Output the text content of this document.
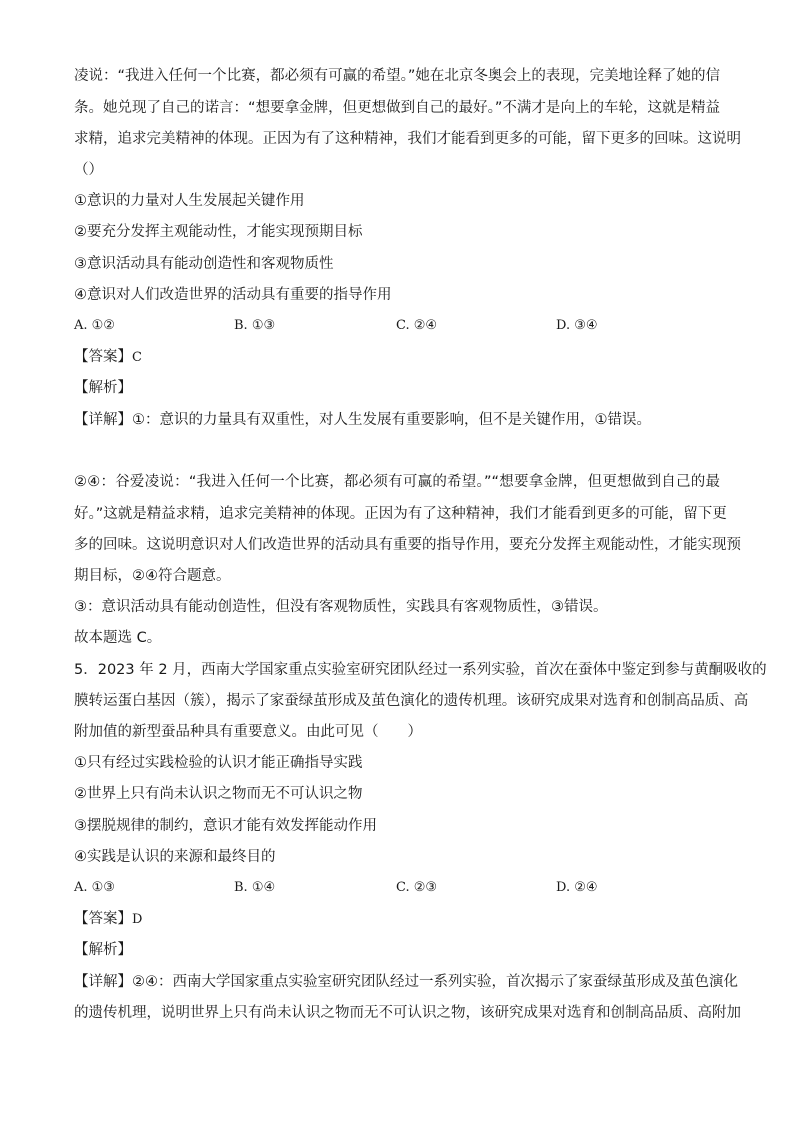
凌说：“我进入任何一个比赛，都必须有可赢的希望。”她在北京冬奥会上的表现，完美地诠释了她的信
条。她兑现了自己的诺言：“想要拿金牌，但更想做到自己的最好。”不满才是向上的车轮，这就是精益
求精，追求完美精神的体现。正因为有了这种精神，我们才能看到更多的可能，留下更多的回味。这说明
（）
①意识的力量对人生发展起关键作用
②要充分发挥主观能动性，才能实现预期目标
③意识活动具有能动创造性和客观物质性
④意识对人们改造世界的活动具有重要的指导作用
A. ①②	B. ①③	C. ②④	D. ③④
【答案】C
【解析】
【详解】①：意识的力量具有双重性，对人生发展有重要影响，但不是关键作用，①错误。
②④：谷爱凌说：“我进入任何一个比赛，都必须有可赢的希望。”“想要拿金牌，但更想做到自己的最
好。”这就是精益求精，追求完美精神的体现。正因为有了这种精神，我们才能看到更多的可能，留下更
多的回味。这说明意识对人们改造世界的活动具有重要的指导作用，要充分发挥主观能动性，才能实现预
期目标，②④符合题意。
③：意识活动具有能动创造性，但没有客观物质性，实践具有客观物质性，③错误。
故本题选 C。
5．2023 年 2 月，西南大学国家重点实验室研究团队经过一系列实验，首次在蚕体中鉴定到参与黄酮吸收的
膜转运蛋白基因（簇），揭示了家蚕绿茧形成及茧色演化的遗传机理。该研究成果对选育和创制高品质、高
附加值的新型蚕品种具有重要意义。由此可见（　　）
①只有经过实践检验的认识才能正确指导实践
②世界上只有尚未认识之物而无不可认识之物
③摆脱规律的制约，意识才能有效发挥能动作用
④实践是认识的来源和最终目的
A. ①③	B. ①④	C. ②③	D. ②④
【答案】D
【解析】
【详解】②④：西南大学国家重点实验室研究团队经过一系列实验，首次揭示了家蚕绿茧形成及茧色演化
的遗传机理，说明世界上只有尚未认识之物而无不可认识之物，该研究成果对选育和创制高品质、高附加
